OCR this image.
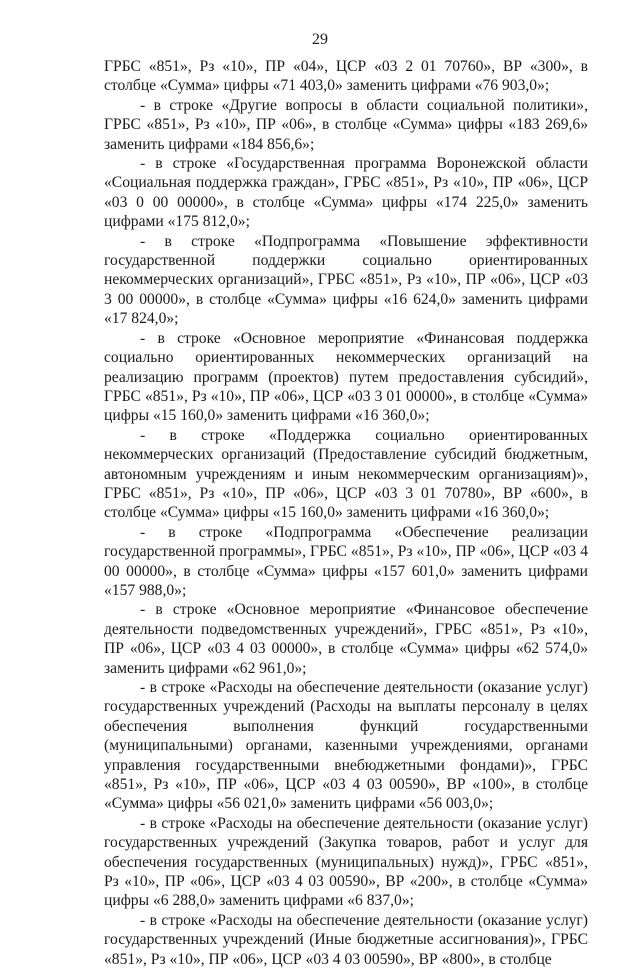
29

ГРБС «851», Рз «10», ПР «04», ЦСР «03 2 01 70760», ВР «300», в столбце «Сумма» цифры «71 403,0» заменить цифрами «76 903,0»;

- в строке «Другие вопросы в области социальной политики», ГРБС «851», Рз «10», ПР «06», в столбце «Сумма» цифры «183 269,6» заменить цифрами «184 856,6»;

- в строке «Государственная программа Воронежской области «Социальная поддержка граждан», ГРБС «851», Рз «10», ПР «06», ЦСР «03 0 00 00000», в столбце «Сумма» цифры «174 225,0» заменить цифрами «175 812,0»;

- в строке «Подпрограмма «Повышение эффективности государственной поддержки социально ориентированных некоммерческих организаций», ГРБС «851», Рз «10», ПР «06», ЦСР «03 3 00 00000», в столбце «Сумма» цифры «16 624,0» заменить цифрами «17 824,0»;

- в строке «Основное мероприятие «Финансовая поддержка социально ориентированных некоммерческих организаций на реализацию программ (проектов) путем предоставления субсидий», ГРБС «851», Рз «10», ПР «06», ЦСР «03 3 01 00000», в столбце «Сумма» цифры «15 160,0» заменить цифрами «16 360,0»;

- в строке «Поддержка социально ориентированных некоммерческих организаций (Предоставление субсидий бюджетным, автономным учреждениям и иным некоммерческим организациям)», ГРБС «851», Рз «10», ПР «06», ЦСР «03 3 01 70780», ВР «600», в столбце «Сумма» цифры «15 160,0» заменить цифрами «16 360,0»;

- в строке «Подпрограмма «Обеспечение реализации государственной программы», ГРБС «851», Рз «10», ПР «06», ЦСР «03 4 00 00000», в столбце «Сумма» цифры «157 601,0» заменить цифрами «157 988,0»;

- в строке «Основное мероприятие «Финансовое обеспечение деятельности подведомственных учреждений», ГРБС «851», Рз «10», ПР «06», ЦСР «03 4 03 00000», в столбце «Сумма» цифры «62 574,0» заменить цифрами «62 961,0»;

- в строке «Расходы на обеспечение деятельности (оказание услуг) государственных учреждений (Расходы на выплаты персоналу в целях обеспечения выполнения функций государственными (муниципальными) органами, казенными учреждениями, органами управления государственными внебюджетными фондами)», ГРБС «851», Рз «10», ПР «06», ЦСР «03 4 03 00590», ВР «100», в столбце «Сумма» цифры «56 021,0» заменить цифрами «56 003,0»;

- в строке «Расходы на обеспечение деятельности (оказание услуг) государственных учреждений (Закупка товаров, работ и услуг для обеспечения государственных (муниципальных) нужд)», ГРБС «851», Рз «10», ПР «06», ЦСР «03 4 03 00590», ВР «200», в столбце «Сумма» цифры «6 288,0» заменить цифрами «6 837,0»;

- в строке «Расходы на обеспечение деятельности (оказание услуг) государственных учреждений (Иные бюджетные ассигнования)», ГРБС «851», Рз «10», ПР «06», ЦСР «03 4 03 00590», ВР «800», в столбце
